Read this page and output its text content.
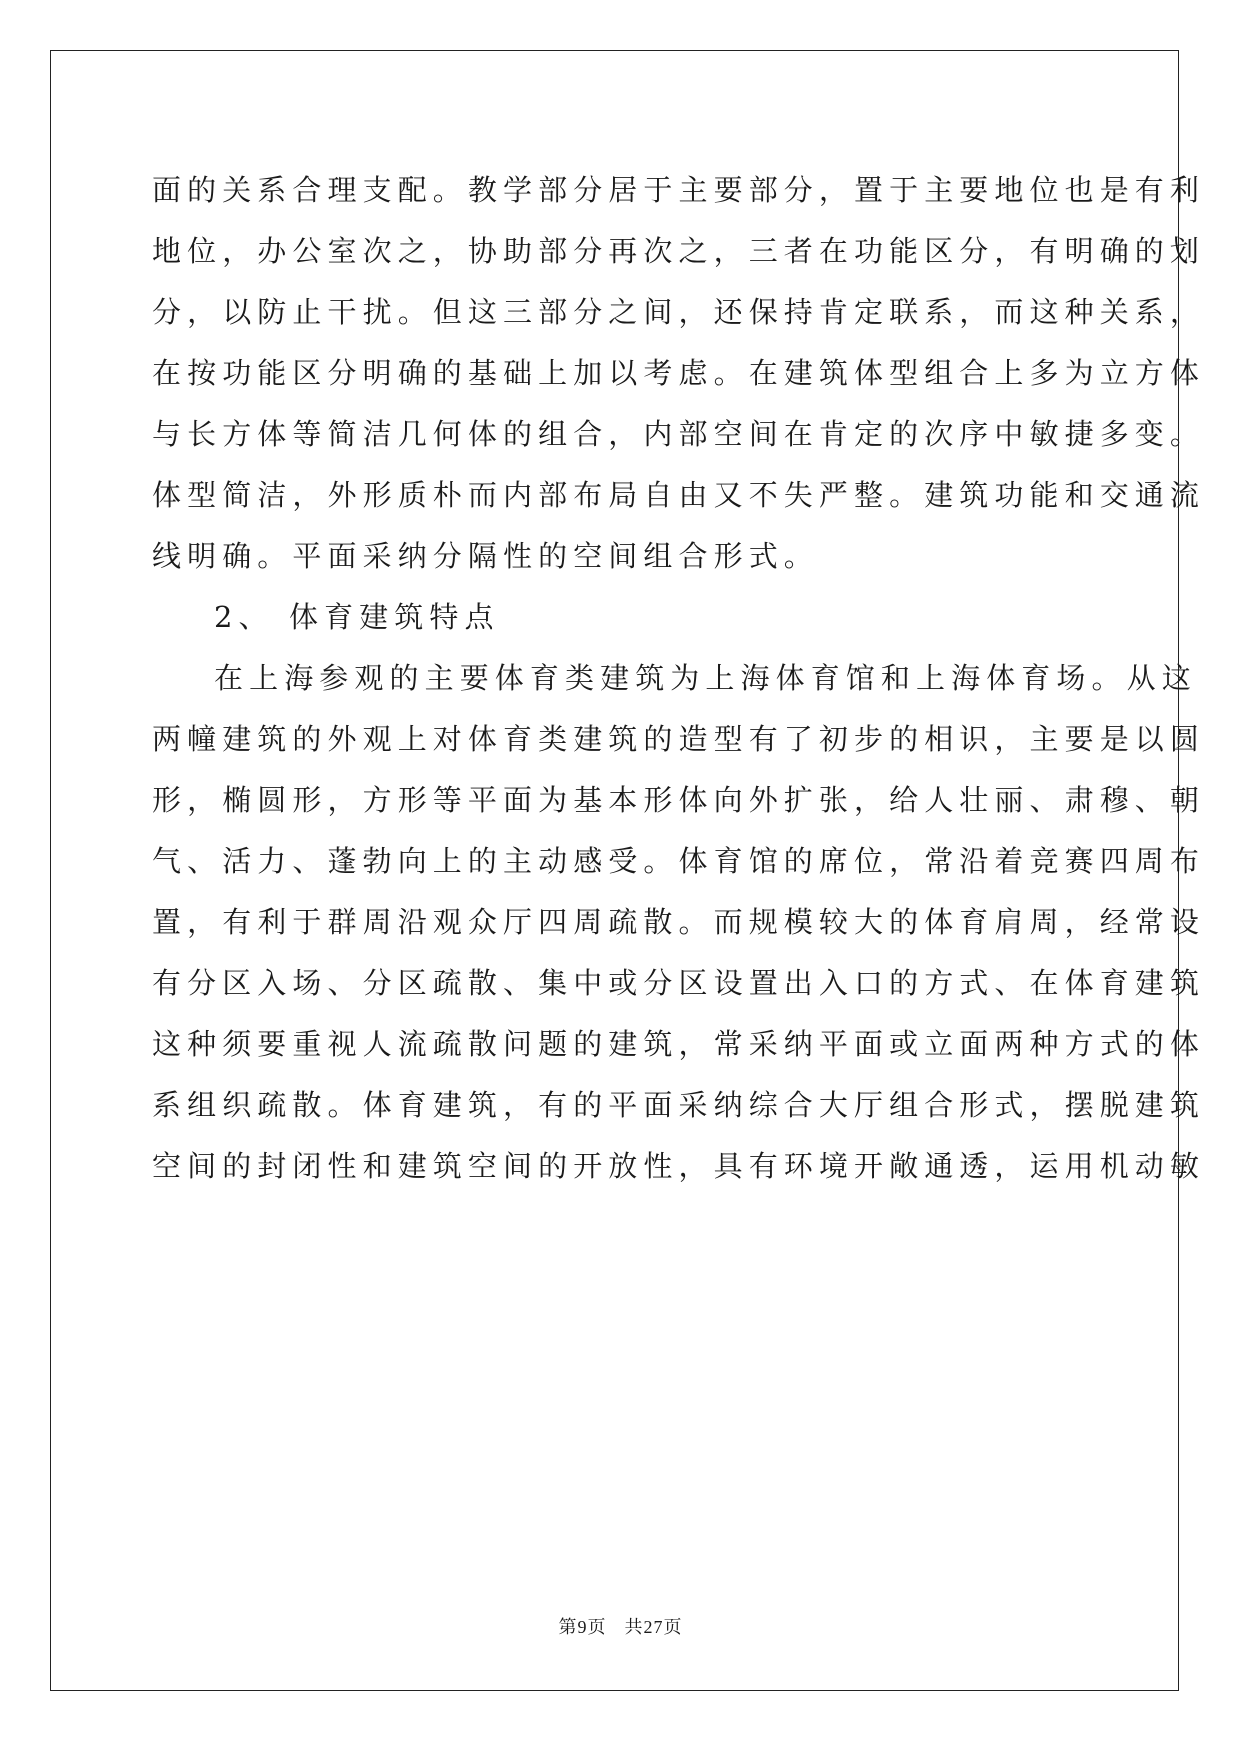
面的关系合理支配。教学部分居于主要部分，置于主要地位也是有利
地位，办公室次之，协助部分再次之，三者在功能区分，有明确的划
分，以防止干扰。但这三部分之间，还保持肯定联系，而这种关系，
在按功能区分明确的基础上加以考虑。在建筑体型组合上多为立方体
与长方体等简洁几何体的组合，内部空间在肯定的次序中敏捷多变。
体型简洁，外形质朴而内部布局自由又不失严整。建筑功能和交通流
线明确。平面采纳分隔性的空间组合形式。
2、 体育建筑特点
在上海参观的主要体育类建筑为上海体育馆和上海体育场。从这
两幢建筑的外观上对体育类建筑的造型有了初步的相识，主要是以圆
形，椭圆形，方形等平面为基本形体向外扩张，给人壮丽、肃穆、朝
气、活力、蓬勃向上的主动感受。体育馆的席位，常沿着竞赛四周布
置，有利于群周沿观众厅四周疏散。而规模较大的体育肩周，经常设
有分区入场、分区疏散、集中或分区设置出入口的方式、在体育建筑
这种须要重视人流疏散问题的建筑，常采纳平面或立面两种方式的体
系组织疏散。体育建筑，有的平面采纳综合大厅组合形式，摆脱建筑
空间的封闭性和建筑空间的开放性，具有环境开敞通透，运用机动敏
第9页 共27页
